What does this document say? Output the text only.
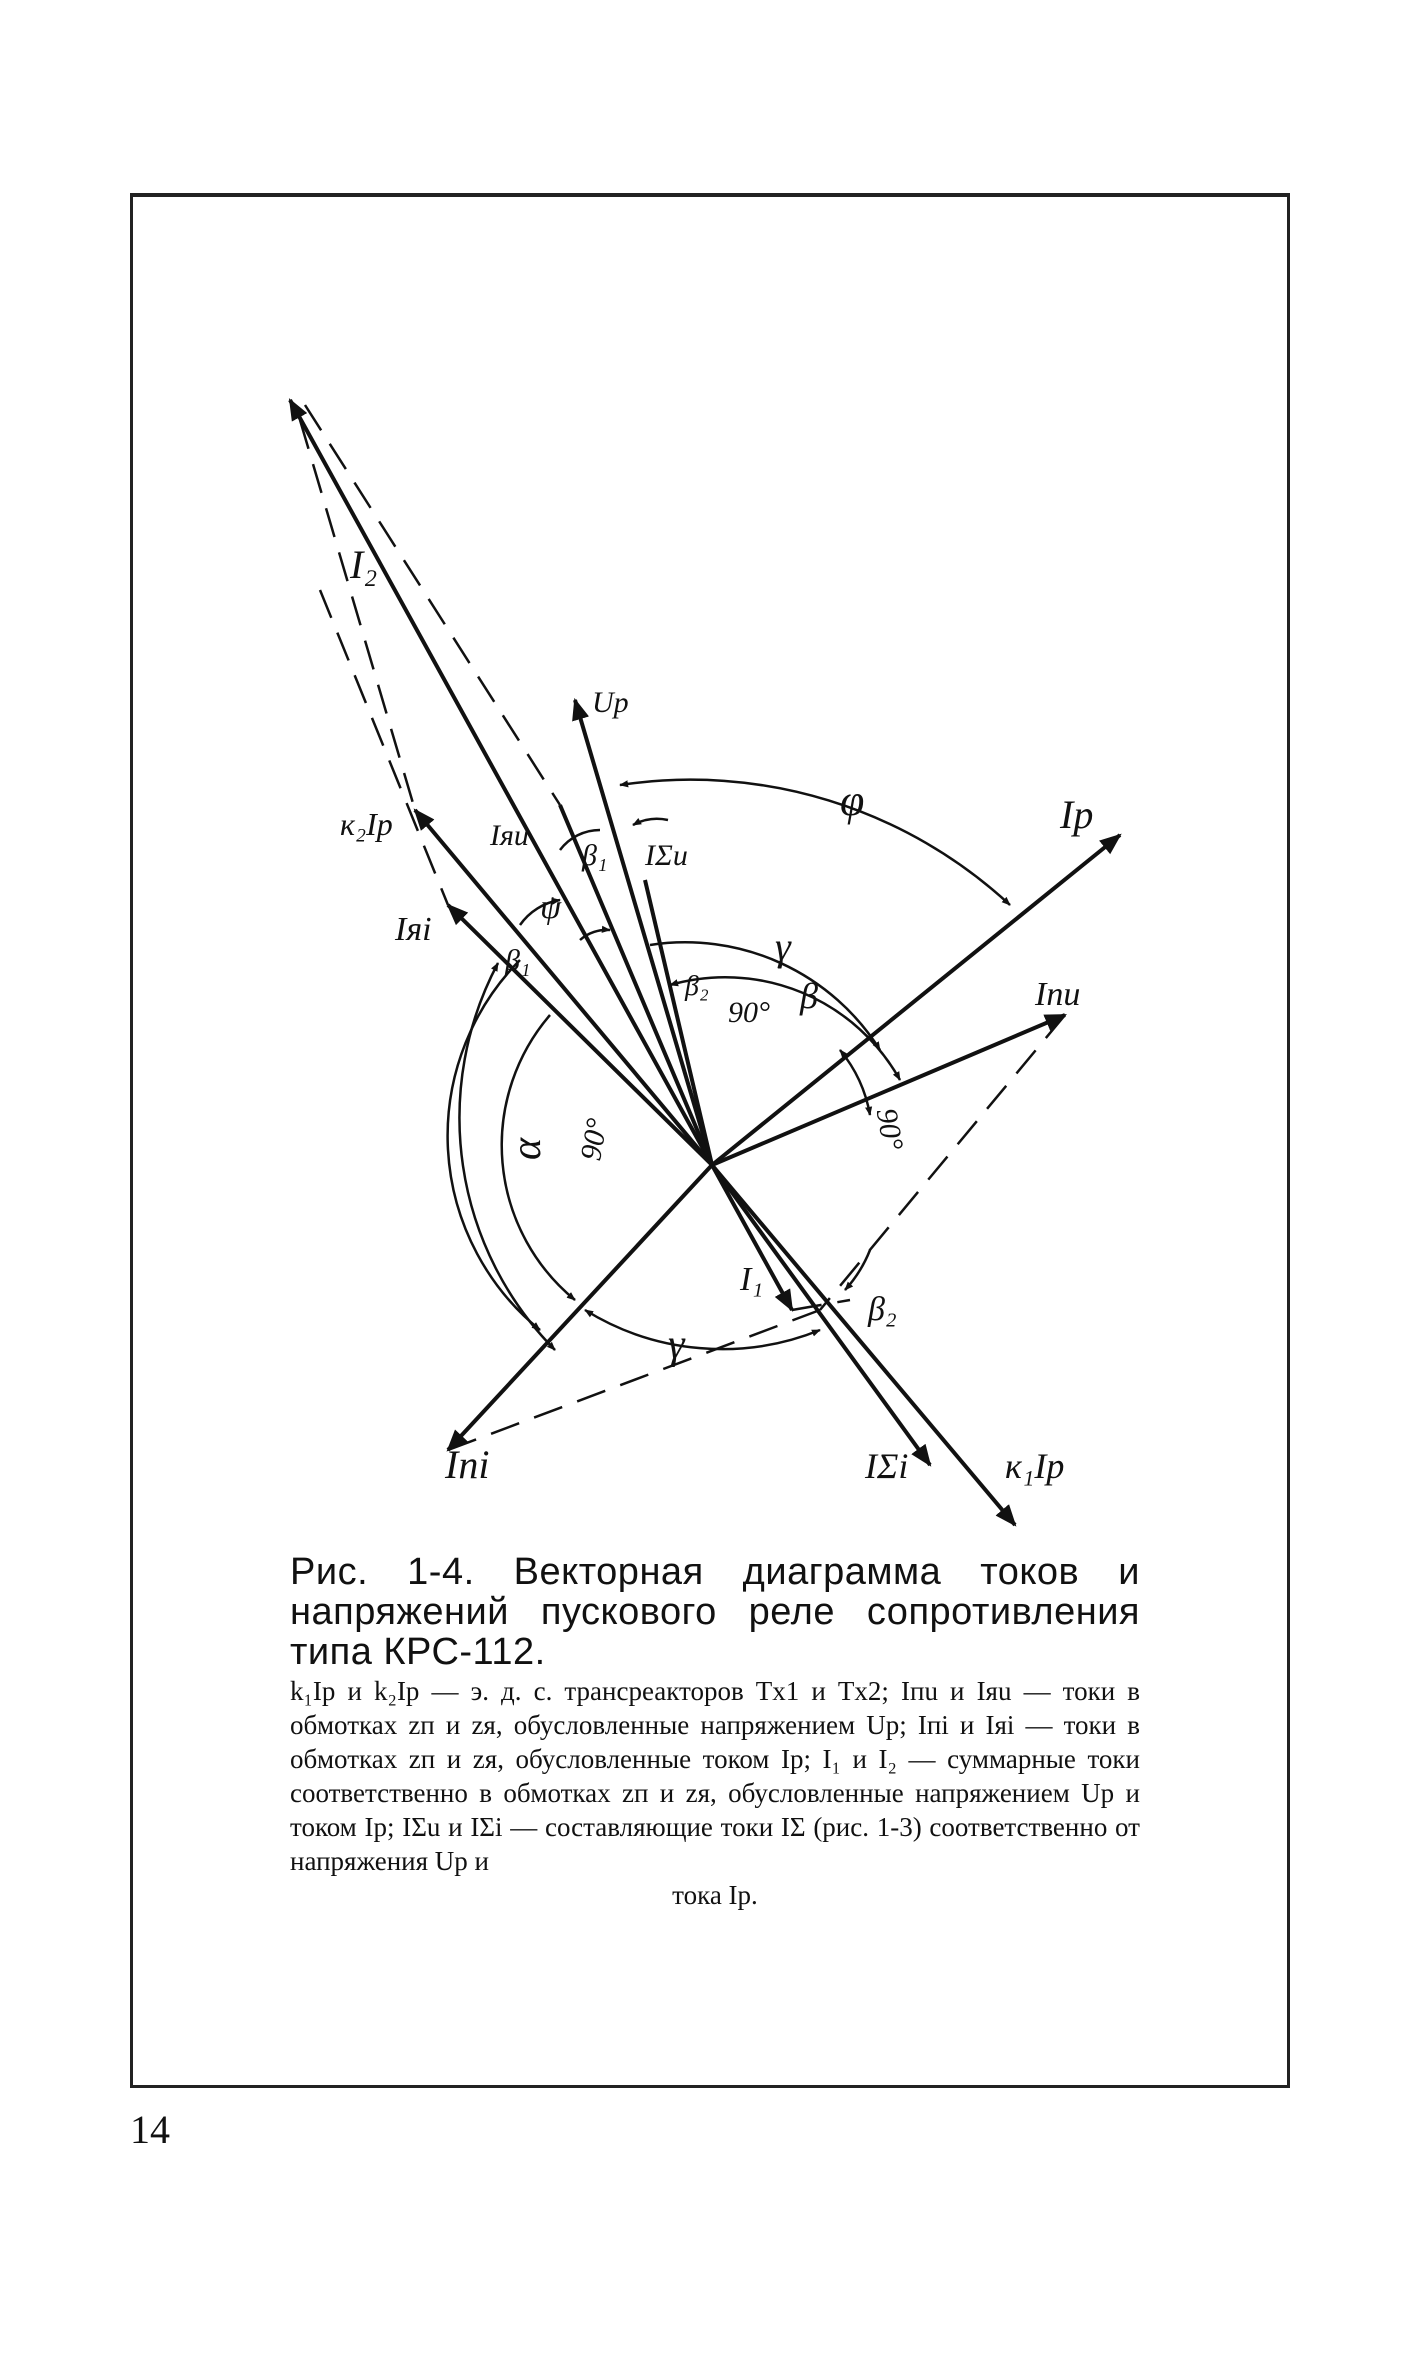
I₂
Uр
Iр
к₂Iр	Iяu
β₁ IΣu
φ
ψ
Iяi
β₁	γ
β₂
90° β	Iпu
α 90°	90°
I₁
β₂
γ
Iпi	IΣi	к₁Iр
Рис. 1-4. Векторная диаграмма токов и напряжений пускового реле сопротивления типа КРС-112.
k₁Iр и k₂Iр — э. д. с. трансреакторов Tx1 и Tx2; Iпu и Iяu — токи в обмотках zп и zя, обусловленные напряжением Uр; Iпi и Iяi — токи в обмотках zп и zя, обусловленные током Iр; I₁ и I₂ — суммарные токи соответственно в обмотках zп и zя, обусловленные напряжением Uр и током Iр; IΣu и IΣi — составляющие токи IΣ (рис. 1-3) соответственно от напряжения Uр и
тока Iр.
14
